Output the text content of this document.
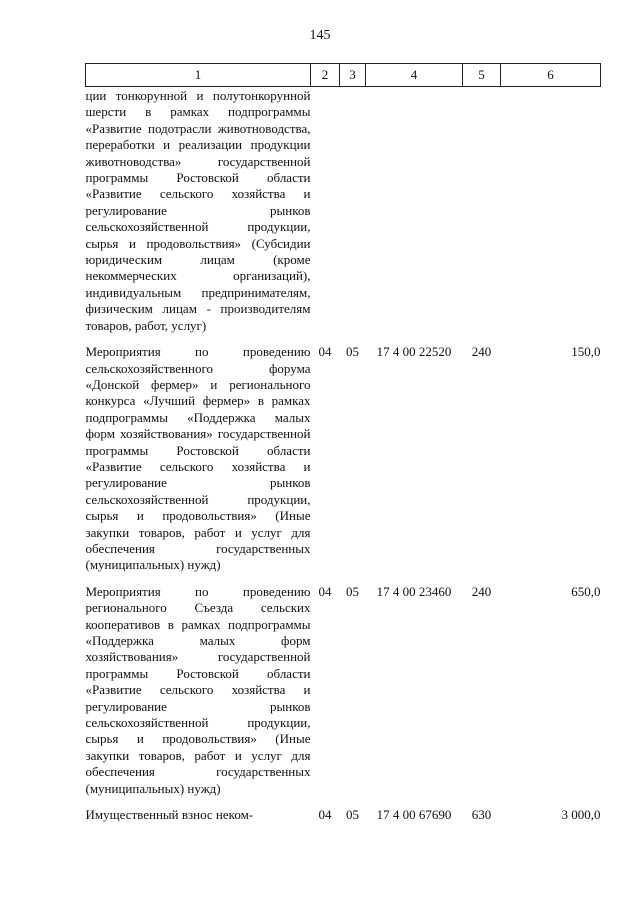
145
1	2	3	4	5	6
ции тонкорунной и полутонкорунной шерсти в рамках подпрограммы «Развитие подотрасли животноводства, переработки и реализации продукции животноводства» государственной программы Ростовской области «Развитие сельского хозяйства и регулирование рынков сельскохозяйственной продукции, сырья и продовольствия» (Субсидии юридическим лицам (кроме некоммерческих организаций), индивидуальным предпринимателям, физическим лицам - производителям товаров, работ, услуг)					
Мероприятия по проведению сельскохозяйственного форума «Донской фермер» и регионального конкурса «Лучший фермер» в рамках подпрограммы «Поддержка малых форм хозяйствования» государственной программы Ростовской области «Развитие сельского хозяйства и регулирование рынков сельскохозяйственной продукции, сырья и продовольствия» (Иные закупки товаров, работ и услуг для обеспечения государственных (муниципальных) нужд)	04	05	17 4 00 22520	240	150,0
Мероприятия по проведению регионального Съезда сельских кооперативов в рамках подпрограммы «Поддержка малых форм хозяйствования» государственной программы Ростовской области «Развитие сельского хозяйства и регулирование рынков сельскохозяйственной продукции, сырья и продовольствия» (Иные закупки товаров, работ и услуг для обеспечения государственных (муниципальных) нужд)	04	05	17 4 00 23460	240	650,0
Имущественный взнос неком-	04	05	17 4 00 67690	630	3 000,0
